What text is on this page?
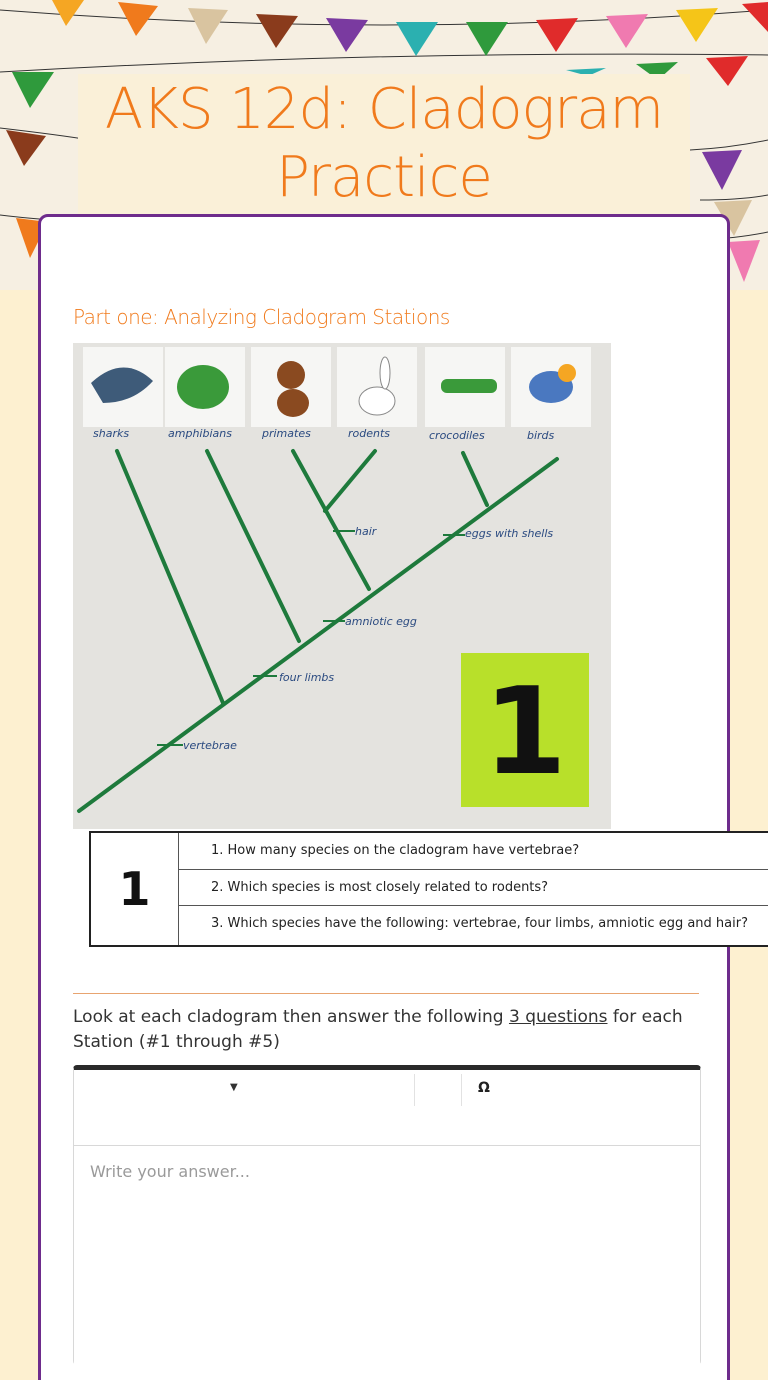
AKS 12d: Cladogram Practice
Part one: Analyzing Cladogram Stations
sharks	amphibians	primates	rodents	crocodiles	birds
hair	eggs with shells
amniotic egg
four limbs
vertebrae 1
1
1. How many species on the cladogram have vertebrae?
2. Which species is most closely related to rodents?
3. Which species have the following: vertebrae, four limbs, amniotic egg and hair?
Look at each cladogram then answer the following 3 questions for each Station (#1 through #5)
▼	Ω
Write your answer...
